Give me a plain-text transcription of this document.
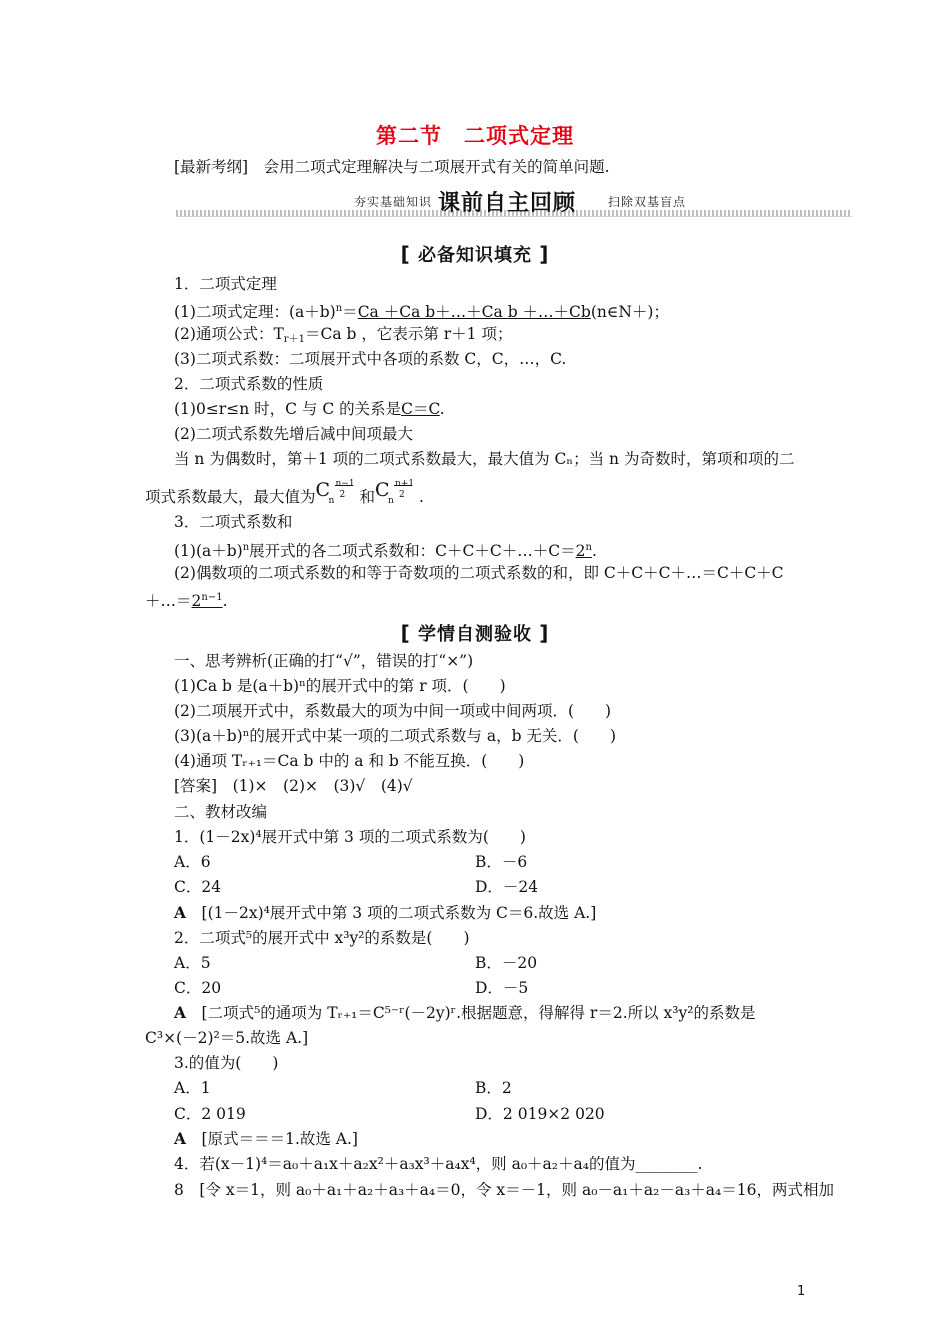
第二节 二项式定理
[最新考纲]　会用二项式定理解决与二项展开式有关的简单问题.
夯实基础知识 课前自主回顾	扫除双基盲点
[ 必备知识填充 ]
1．二项式定理
(1)二项式定理：$(a+b)^n=Ca +Ca$ b＋…＋Ca b ＋…＋Cb(n∈N＋)；
(2)通项公式：$T_{r+1}=Ca$ b ，它表示第 r＋1 项；
(3)二项式系数：二项展开式中各项的系数 C，C，…，C.
2．二项式系数的性质
(1)0≤r≤n 时，C 与 C 的关系是C＝C.
(2)二项式系数先增后减中间项最大
当 n 为偶数时，第＋1 项的二项式系数最大，最大值为 Cₙ；当 n 为奇数时，第项和项的二
项式系数最大，最大值为 C
n
n−1
2 和 C
n
n+1
2 .
3．二项式系数和
$(1)(a+b)^n$展开式的各二项式系数和：$C+C+C+\dots+C=2^n$.
(2)偶数项的二项式系数的和等于奇数项的二项式系数的和，即 C＋C＋C＋…＝C＋C＋C
$+\dots=2^{n-1}$.
[ 学情自测验收 ]
一、思考辨析(正确的打“√”，错误的打“×”)
(1)Ca b 是(a＋b)ⁿ的展开式中的第 r 项．(　　)
(2)二项展开式中，系数最大的项为中间一项或中间两项．(　　)
(3)(a＋b)ⁿ的展开式中某一项的二项式系数与 a，b 无关．(　　)
(4)通项 Tᵣ₊₁＝Ca b 中的 a 和 b 不能互换．(　　)
[答案]　(1)×　(2)×　(3)√　(4)√
二、教材改编
1．(1－2x)⁴展开式中第 3 项的二项式系数为(　　)
A．6	B．－6
C．24	D．－24
A　[(1－2x)⁴展开式中第 3 项的二项式系数为 C＝6.故选 A.]
2．二项式⁵的展开式中 x³y²的系数是(　　)
A．5	B．－20
C．20	D．－5
A　[二项式⁵的通项为 Tᵣ₊₁＝C⁵⁻ʳ(－2y)ʳ.根据题意，得解得 r＝2.所以 x³y²的系数是
C³×(－2)²＝5.故选 A.]
3.的值为(　　)
A．1	B．2
C．2 019	D．2 019×2 020
A　[原式＝＝＝1.故选 A.]
4．若(x－1)⁴＝a₀＋a₁x＋a₂x²＋a₃x³＋a₄x⁴，则 a₀＋a₂＋a₄的值为________.
8　[令 x＝1，则 a₀＋a₁＋a₂＋a₃＋a₄＝0，令 x＝－1，则 a₀－a₁＋a₂－a₃＋a₄＝16，两式相加
1
